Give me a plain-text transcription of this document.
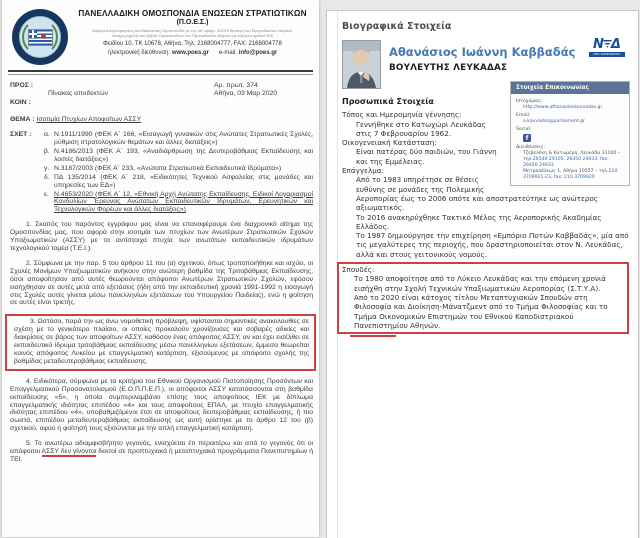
ΠΑΝΕΛΛΑΔΙΚΗ ΟΜΟΣΠΟΝΔΙΑ ΕΝΩΣΕΩΝ ΣΤΡΑΤΙΩΤΙΚΩΝ
(Π.Ο.Ε.Σ.)
Νόμιμα αναγνωρισμένη συνδικαλιστική Ομοσπονδία με την υπ' αριθμ. 4/2019 διαταγή του Ειρηνοδικείου Λαυρίου,
καταχωρημένη στα βιβλία Ομοσπονδιών του Πρωτοδικείου Αθηνών με αύξοντα αριθμό 905
Φειδίου 10, ΤΚ 10678, Αθήνα, Τηλ: 2168004777, FAX: 2168004778
ηλεκτρονική διεύθυνση: www.poes.gr e-mail: info@poes.gr
ΠΡΟΣ :
Πίνακας αποδεκτών
ΚΟΙΝ :
Αρ. πρωτ. 374
Αθήνα, 03 Μαρ 2020
ΘΕΜΑ : Ισοτιμία Πτυχίων Αποφοίτων ΑΣΣΥ
ΣΧΕΤ : α. Ν.1911/1990 (ΦΕΚ Α΄ 166, «Εισαγωγή γυναικών στις Ανώτατες Στρατιωτικές Σχολές, ρύθμιση στρατολογικών θεμάτων και άλλες διατάξεις»)
β. Ν.4186/2013 (ΦΕΚ Α΄ 193, «Αναδιάρθρωση της Δευτεροβάθμιας Εκπαίδευσης και λοιπές διατάξεις»)
γ. Ν.3187/2003 (ΦΕΚ Α΄ 233, «Ανώτατα Στρατιωτικά Εκπαιδευτικά Ιδρύματα»)
δ. ΠΔ 135/2014 (ΦΕΚ Α΄ 218, «Ειδικότητες Τεχνικού Ασφαλείας στις μονάδες και υπηρεσίες των ΕΔ»)
ε. Ν.4653/2020 (ΦΕΚ Α΄ 12, «Εθνική Αρχή Ανώτατης Εκπαίδευσης, Ειδικοί Λογαριασμοί Κονδυλίων Έρευνας Ανώτατων Εκπαιδευτικών Ιδρυμάτων, Ερευνητικών και Τεχνολογικών Φορέων και άλλες διατάξεις»)

1. Σκοπός του παρόντος εγγράφου μας είναι να επαναφέρουμε ένα διαχρονικό αίτημα της Ομοσπονδίας μας, που αφορά στην ισοτιμία των πτυχίων των Ανωτέρων Στρατιωτικών Σχολών Υπαξιωματικών (ΑΣΣΥ) με τα αντίστοιχα πτυχία των ανωτάτων εκπαιδευτικών ιδρυμάτων τεχνολογικού τομέα (Τ.Ε.Ι.).

2. Σύμφωνα με την παρ. 5 του άρθρου 11 του (α) σχετικού, όπως τροποποιήθηκε και ισχύει, οι Σχολές Μονίμων Υπαξιωματικών ανήκουν στην ανώτερη βαθμίδα της Τριτοβάθμιας Εκπαίδευσης, όσοι αποφοίτησαν από αυτές θεωρούνται απόφοιτοι Ανωτέρων Στρατιωτικών Σχολών, εφόσον εισήχθησαν σε αυτές μετά από εξετάσεις (ήδη από την εκπαιδευτική χρονιά 1991-1992 η εισαγωγή στις Σχολές αυτές γίνεται μέσω πανελληνίων εξετάσεων του Υπουργείου Παιδείας), ενώ η φοίτηση σε αυτές είναι τριετής.

3. Ωστόσο, παρά την ως άνω νομοθετική πρόβλεψη, υφίστανται σημαντικές ανακολουθίες σε σχέση με το γενικότερο πλαίσιο, οι οποίες προκαλούν χρονίζουσες και σοβαρές αδικίες και διακρίσεις σε βάρος των αποφοίτων ΑΣΣΥ, καθόσον ένας απόφοιτος ΑΣΣΥ, αν και έχει εισέλθει σε εκπαιδευτικό ίδρυμα τριτοβάθμιας εκπαίδευσης μέσω πανελληνίων εξετάσεων, έμμεσα θεωρείται κοινός απόφοιτος Λυκείου με επαγγελματική κατάρτιση, εξισούμενος με απόφοιτο σχολής της βαθμίδας μεταδευτεροβάθμιας εκπαίδευσης.

4. Ειδικότερα, σύμφωνα με τα κριτήρια του Εθνικού Οργανισμού Πιστοποίησης Προσόντων και Επαγγελματικού Προσανατολισμού (Ε.Ο.Π.Π.Ε.Π.), οι απόφοιτοι ΑΣΣΥ κατατάσσονται στη βαθμίδα εκπαίδευσης «5», η οποία συμπεριλαμβάνει επίσης τους αποφοίτους ΙΕΚ με δίπλωμα επαγγελματικής ιδιότητας επιπέδου «4» και τους αποφοίτους ΕΠΑΛ, με πτυχίο επαγγελματικής ιδιότητας επιπέδου «4», υποβαθμιζόμενοι έτσι σε αποφοίτους δευτεροβάθμιας εκπαίδευσης, ή πιο σωστά, επιπέδου μεταδευτεροβάθμιας εκπαίδευσης ως αυτή ορίστηκε με το άρθρο 12 του (β) σχετικού, αφού η φοίτησή τους εξισώνεται με την απλή επαγγελματική κατάρτιση.

5. Το ανωτέρω αδιαμφισβήτητο γεγονός, ενισχύεται έτι περαιτέρω και από το γεγονός ότι οι απόφοιτοι ΑΣΣΥ δεν γίνονται δεκτοί σε προπτυχιακά ή μεταπτυχιακά προγράμματα Πανεπιστημίων ή ΤΕΙ.

Βιογραφικά Στοιχεία
Αθανάσιος Ιωάννη Καββαδάς
ΒΟΥΛΕΥΤΗΣ ΛΕΥΚΑΔΑΣ
Ν Δ
ΝΕΑ ΔΗΜΟΚΡΑΤΙΑ
Στοιχεία Επικοινωνίας
Ιστοχώρος:
http://www.athanasioskavvadas.gr
Email:
a.kavvadas@parliament.gr
Social:
f
Διευθύνσεις:
Τζεβελέκη & Κατωμέρη, Λευκάδα 31100 – τηλ.26540 29105, 26450 24933, fax: 26450 24933
Μητροπόλεως 1, Αθήνα 10557 – τηλ.210 3709921-23, fax: 210 3709920
Προσωπικά Στοιχεία
Τόπος και Ημερομηνία γέννησης:
Γεννήθηκε στο Κατωχώρι Λευκάδας στις 7 Φεβρουαρίου 1962.
Οικογενειακή Κατάσταση:
Είναι πατέρας δύο παιδιών, του Γιάννη και της Εμμέλειας.
Επάγγελμα:
Από το 1983 υπηρέτησε σε θέσεις ευθύνης σε μονάδες της Πολεμικής Αεροπορίας έως το 2006 οπότε και αποστρατεύτηκε ως ανώτερος αξιωματικός.
Το 2016 ανακηρύχθηκε Τακτικό Μέλος της Αεροπορικής Ακαδημίας Ελλάδος.
Το 1987 δημιούργησε την επιχείρηση «Εμπόριο Ποτών Καββαδάς», μία από τις μεγαλύτερες της περιοχής, που δραστηριοποιείται στον Ν. Λευκάδας, αλλά και στους γειτονικούς νομούς.
Σπουδές:
Το 1980 αποφοίτησε από το Λύκειο Λευκάδας και την επόμενη χρονιά εισήχθη στην Σχολή Τεχνικών Υπαξιωματικών Αεροπορίας (Σ.Τ.Υ.Α).
Από το 2020 είναι κάτοχος τίτλου Μεταπτυχιακών Σπουδών στη Φιλοσοφία και Διοίκηση-Μάνατζμεντ από το Τμήμα Φιλοσοφίας και το Τμήμα Οικονομικών Επιστημών του Εθνικού Καποδιστριακού Πανεπιστημίου Αθηνών.
